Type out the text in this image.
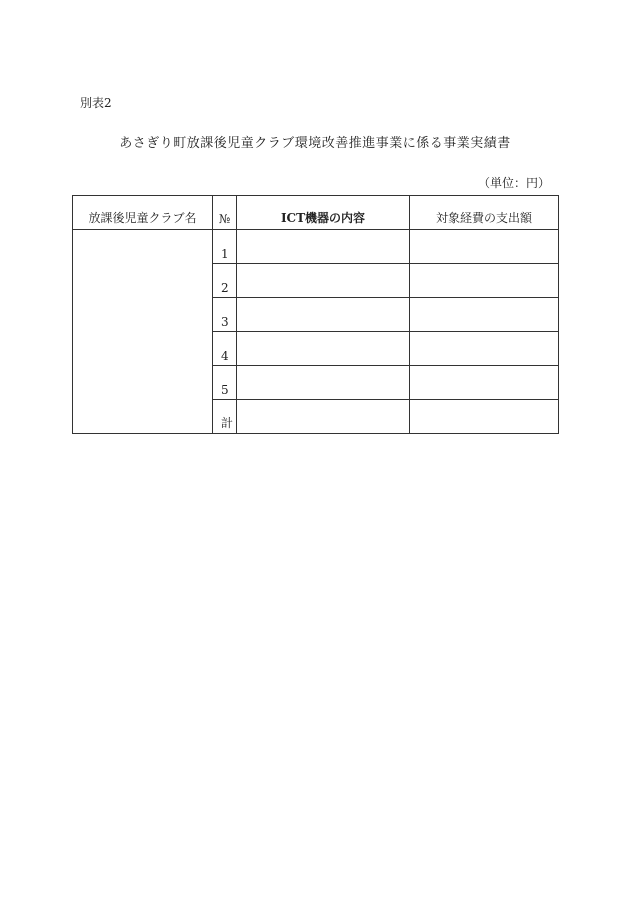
別表2
あさぎり町放課後児童クラブ環境改善推進事業に係る事業実績書
（単位：円）
放課後児童クラブ名	№	ICT機器の内容	対象経費の支出額
	1		
	2		
	3		
	4		
	5		
	計		
